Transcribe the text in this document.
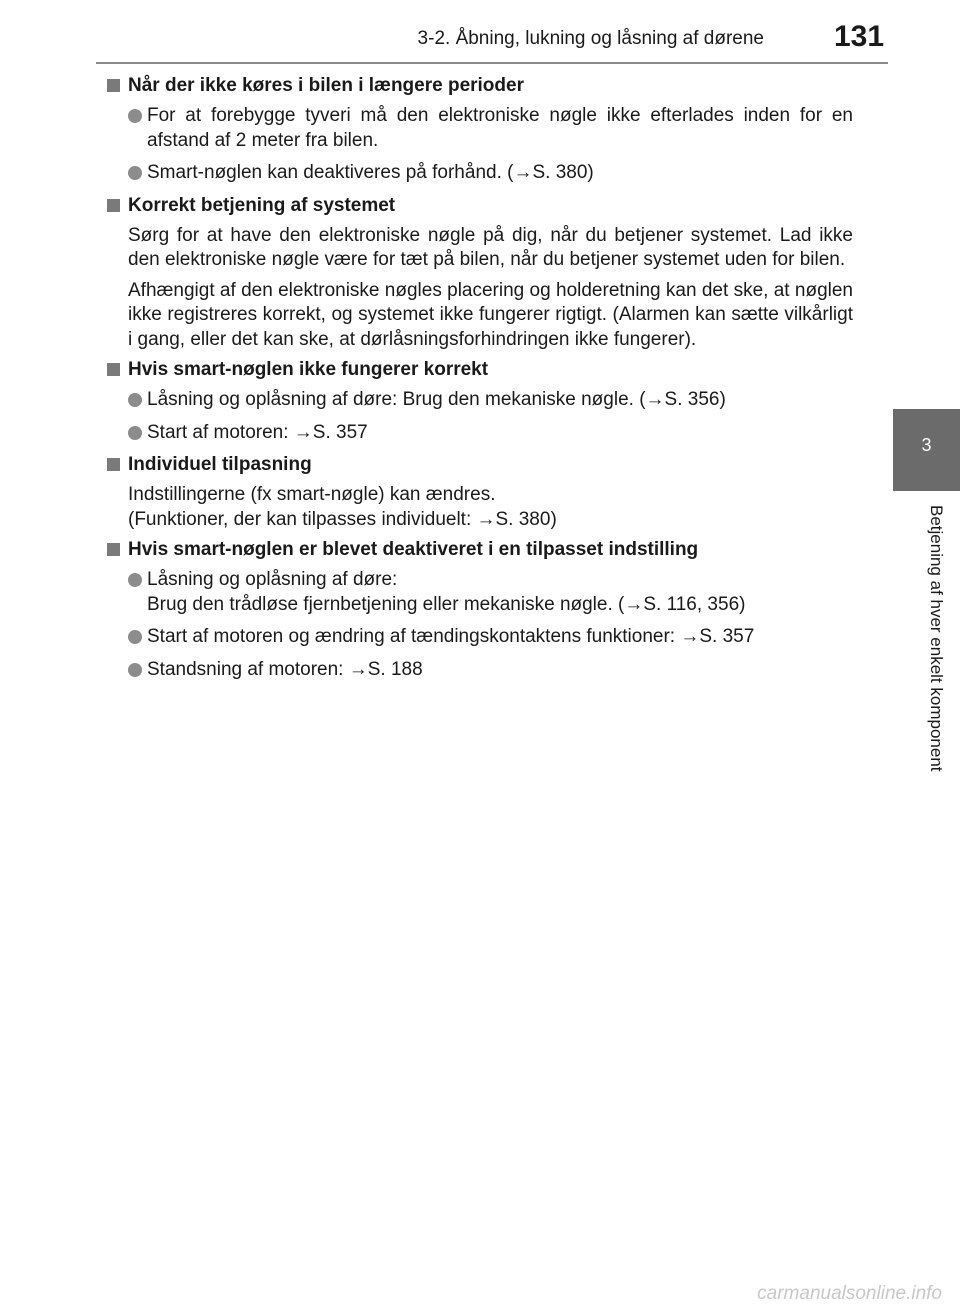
3-2. Åbning, lukning og låsning af dørene 131
3
Betjening af hver enkelt komponent
Når der ikke køres i bilen i længere perioder
For at forebygge tyveri må den elektroniske nøgle ikke efterlades inden for en afstand af 2 meter fra bilen.
Smart-nøglen kan deaktiveres på forhånd. (→S. 380)
Korrekt betjening af systemet
Sørg for at have den elektroniske nøgle på dig, når du betjener systemet. Lad ikke den elektroniske nøgle være for tæt på bilen, når du betjener systemet uden for bilen.
Afhængigt af den elektroniske nøgles placering og holderetning kan det ske, at nøglen ikke registreres korrekt, og systemet ikke fungerer rigtigt. (Alarmen kan sætte vilkårligt i gang, eller det kan ske, at dørlåsningsforhindringen ikke fungerer).
Hvis smart-nøglen ikke fungerer korrekt
Låsning og oplåsning af døre: Brug den mekaniske nøgle. (→S. 356)
Start af motoren: →S. 357
Individuel tilpasning
Indstillingerne (fx smart-nøgle) kan ændres.
(Funktioner, der kan tilpasses individuelt: →S. 380)
Hvis smart-nøglen er blevet deaktiveret i en tilpasset indstilling
Låsning og oplåsning af døre:
Brug den trådløse fjernbetjening eller mekaniske nøgle. (→S. 116, 356)
Start af motoren og ændring af tændingskontaktens funktioner: →S. 357
Standsning af motoren: →S. 188
carmanualsonline.info
